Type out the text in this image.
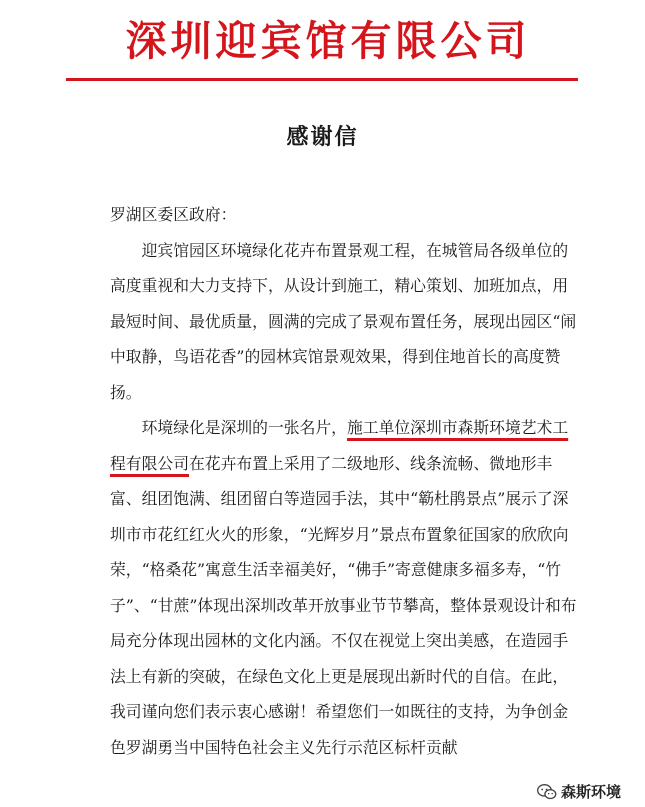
深圳迎宾馆有限公司
感谢信

罗湖区委区政府：

迎宾馆园区环境绿化花卉布置景观工程，在城管局各级单位的高度重视和大力支持下，从设计到施工，精心策划、加班加点，用最短时间、最优质量，圆满的完成了景观布置任务，展现出园区“闹中取静，鸟语花香”的园林宾馆景观效果，得到住地首长的高度赞扬。

环境绿化是深圳的一张名片，施工单位深圳市森斯环境艺术工程有限公司在花卉布置上采用了二级地形、线条流畅、微地形丰富、组团饱满、组团留白等造园手法，其中“簕杜鹃景点”展示了深圳市市花红红火火的形象，“光辉岁月”景点布置象征国家的欣欣向荣，“格桑花”寓意生活幸福美好，“佛手”寄意健康多福多寿，“竹子”、“甘蔗”体现出深圳改革开放事业节节攀高，整体景观设计和布局充分体现出园林的文化内涵。不仅在视觉上突出美感，在造园手法上有新的突破，在绿色文化上更是展现出新时代的自信。在此，我司谨向您们表示衷心感谢！希望您们一如既往的支持，为争创金色罗湖勇当中国特色社会主义先行示范区标杆贡献

森斯环境
